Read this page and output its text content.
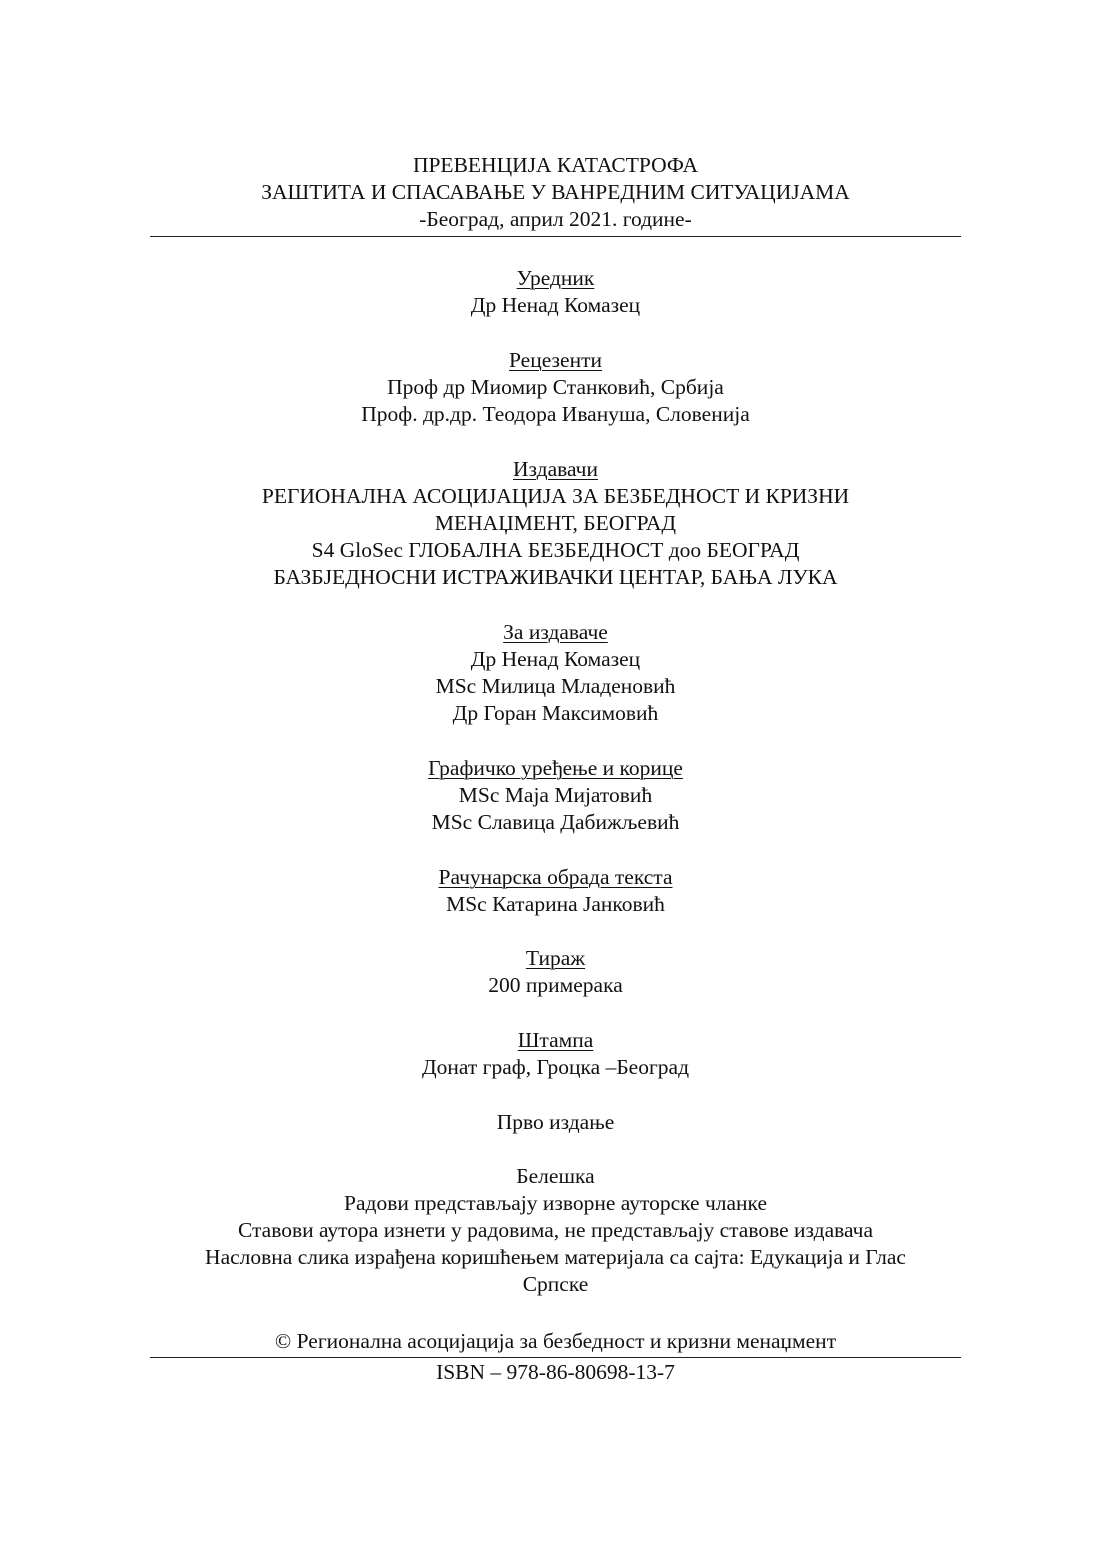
ПРЕВЕНЦИЈА КАТАСТРОФА
ЗАШТИТА И СПАСАВАЊЕ У ВАНРЕДНИМ СИТУАЦИЈАМА
-Београд, април 2021. године-
Уредник
Др Ненад Комазец
Рецезенти
Проф др Миомир Станковић, Србија
Проф. др.др. Теодора Ивануша, Словенија
Издавачи
РЕГИОНАЛНА АСОЦИЈАЦИЈА ЗА БЕЗБЕДНОСТ И КРИЗНИ
МЕНАЏМЕНТ, БЕОГРАД
S4 GloSec ГЛОБАЛНА БЕЗБЕДНОСТ доо БЕОГРАД
БАЗБЈЕДНОСНИ ИСТРАЖИВАЧКИ ЦЕНТАР, БАЊА ЛУКА
За издаваче
Др Ненад Комазец
MSc Милица Младеновић
Др Горан Максимовић
Графичко уређење и корице
MSc Маја Мијатовић
MSc Славица Дабижљевић
Рачунарска обрада текста
MSc Катарина Јанковић
Тираж
200 примерака
Штампа
Донат граф, Гроцка –Београд
Прво издање
Белешка
Радови представљају изворне ауторске чланке
Ставови аутора изнети у радовима, не представљају ставове издавача
Насловна слика израђена коришћењем материјала са сајта: Едукација и Глас
Српске
© Регионална асоцијација за безбедност и кризни менаџмент
ISBN – 978-86-80698-13-7
